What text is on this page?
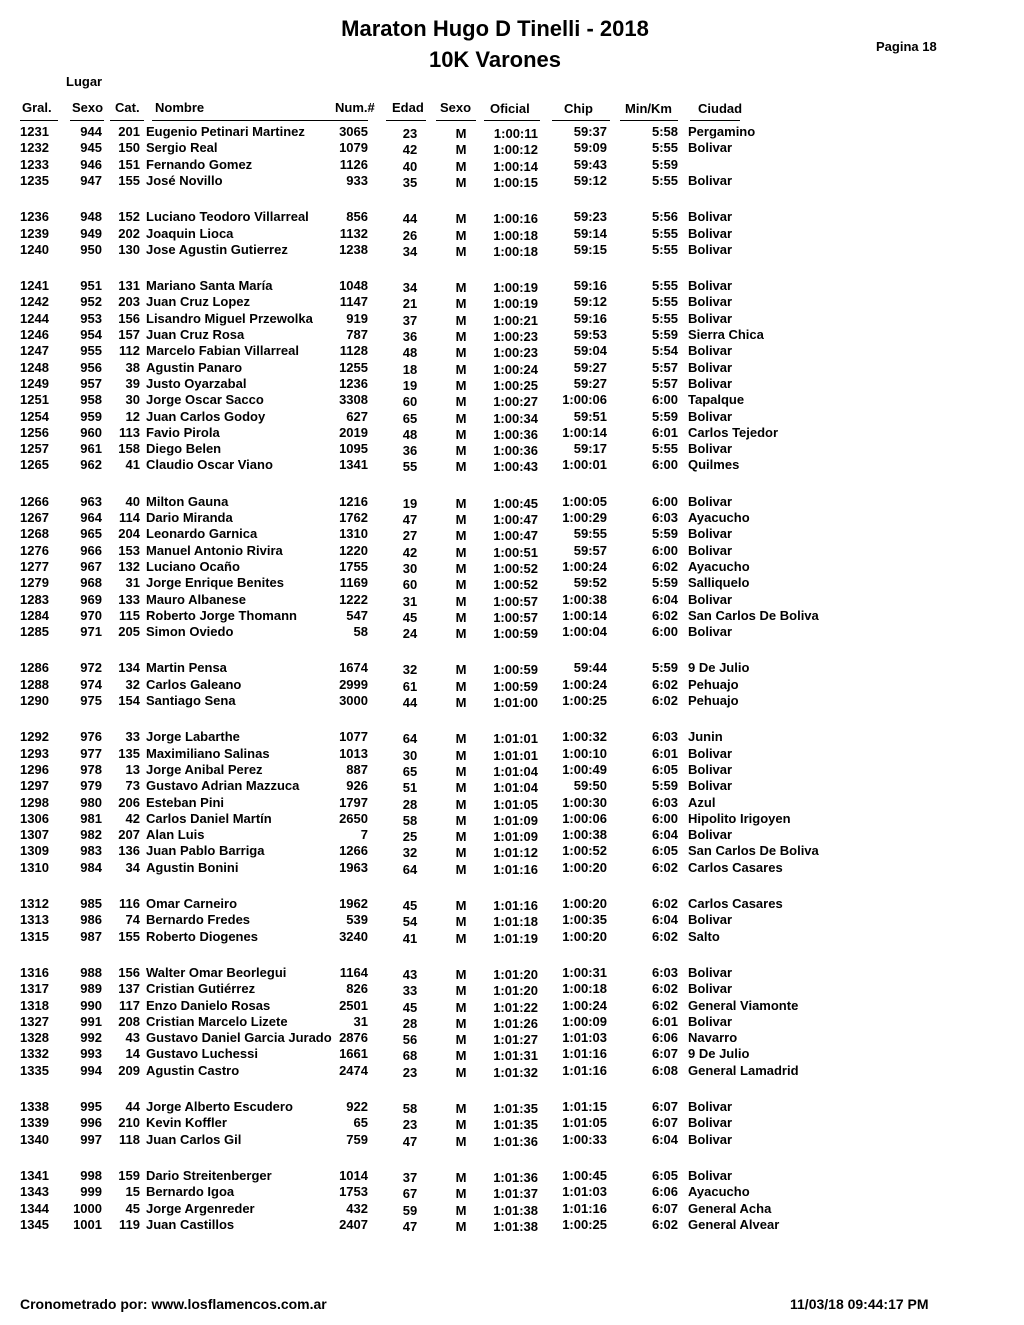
Maraton Hugo D Tinelli - 2018
10K Varones
Pagina 18
Lugar
Gral. Sexo Cat. Nombre	Num.# Edad Sexo Oficial	Chip Min/Km Ciudad
1231	944	201 Eugenio Petinari Martinez	3065	23	M	1:00:11	59:37	5:58 Pergamino
1232	945	150 Sergio Real	1079	42	M	1:00:12	59:09	5:55 Bolivar
1233	946	151 Fernando Gomez	1126	40	M	1:00:14	59:43	5:59
1235	947	155 José Novillo	933	35	M	1:00:15	59:12	5:55 Bolivar
1236	948	152 Luciano Teodoro Villarreal	856	44	M	1:00:16	59:23	5:56 Bolivar
1239	949	202 Joaquin Lioca	1132	26	M	1:00:18	59:14	5:55 Bolivar
1240	950	130 Jose Agustin Gutierrez	1238	34	M	1:00:18	59:15	5:55 Bolivar
1241	951	131 Mariano Santa María	1048	34	M	1:00:19	59:16	5:55 Bolivar
1242	952	203 Juan Cruz Lopez	1147	21	M	1:00:19	59:12	5:55 Bolivar
1244	953	156 Lisandro Miguel Przewolka	919	37	M	1:00:21	59:16	5:55 Bolivar
1246	954	157 Juan Cruz Rosa	787	36	M	1:00:23	59:53	5:59 Sierra Chica
1247	955	112 Marcelo Fabian Villarreal	1128	48	M	1:00:23	59:04	5:54 Bolivar
1248	956	38 Agustin Panaro	1255	18	M	1:00:24	59:27	5:57 Bolivar
1249	957	39 Justo Oyarzabal	1236	19	M	1:00:25	59:27	5:57 Bolivar
1251	958	30 Jorge Oscar Sacco	3308	60	M	1:00:27	1:00:06	6:00 Tapalque
1254	959	12 Juan Carlos Godoy	627	65	M	1:00:34	59:51	5:59 Bolivar
1256	960	113 Favio Pirola	2019	48	M	1:00:36	1:00:14	6:01 Carlos Tejedor
1257	961	158 Diego Belen	1095	36	M	1:00:36	59:17	5:55 Bolivar
1265	962	41 Claudio Oscar Viano	1341	55	M	1:00:43	1:00:01	6:00 Quilmes
1266	963	40 Milton Gauna	1216	19	M	1:00:45	1:00:05	6:00 Bolivar
1267	964	114 Dario Miranda	1762	47	M	1:00:47	1:00:29	6:03 Ayacucho
1268	965	204 Leonardo Garnica	1310	27	M	1:00:47	59:55	5:59 Bolivar
1276	966	153 Manuel Antonio Rivira	1220	42	M	1:00:51	59:57	6:00 Bolivar
1277	967	132 Luciano Ocaño	1755	30	M	1:00:52	1:00:24	6:02 Ayacucho
1279	968	31 Jorge Enrique Benites	1169	60	M	1:00:52	59:52	5:59 Salliquelo
1283	969	133 Mauro Albanese	1222	31	M	1:00:57	1:00:38	6:04 Bolivar
1284	970	115 Roberto Jorge Thomann	547	45	M	1:00:57	1:00:14	6:02 San Carlos De Boliva
1285	971	205 Simon Oviedo	58	24	M	1:00:59	1:00:04	6:00 Bolivar
1286	972	134 Martin Pensa	1674	32	M	1:00:59	59:44	5:59 9 De Julio
1288	974	32 Carlos Galeano	2999	61	M	1:00:59	1:00:24	6:02 Pehuajo
1290	975	154 Santiago Sena	3000	44	M	1:01:00	1:00:25	6:02 Pehuajo
1292	976	33 Jorge Labarthe	1077	64	M	1:01:01	1:00:32	6:03 Junin
1293	977	135 Maximiliano Salinas	1013	30	M	1:01:01	1:00:10	6:01 Bolivar
1296	978	13 Jorge Anibal Perez	887	65	M	1:01:04	1:00:49	6:05 Bolivar
1297	979	73 Gustavo Adrian Mazzuca	926	51	M	1:01:04	59:50	5:59 Bolivar
1298	980	206 Esteban Pini	1797	28	M	1:01:05	1:00:30	6:03 Azul
1306	981	42 Carlos Daniel Martín	2650	58	M	1:01:09	1:00:06	6:00 Hipolito Irigoyen
1307	982	207 Alan Luis	7	25	M	1:01:09	1:00:38	6:04 Bolivar
1309	983	136 Juan Pablo Barriga	1266	32	M	1:01:12	1:00:52	6:05 San Carlos De Boliva
1310	984	34 Agustin Bonini	1963	64	M	1:01:16	1:00:20	6:02 Carlos Casares
1312	985	116 Omar Carneiro	1962	45	M	1:01:16	1:00:20	6:02 Carlos Casares
1313	986	74 Bernardo Fredes	539	54	M	1:01:18	1:00:35	6:04 Bolivar
1315	987	155 Roberto Diogenes	3240	41	M	1:01:19	1:00:20	6:02 Salto
1316	988	156 Walter Omar Beorlegui	1164	43	M	1:01:20	1:00:31	6:03 Bolivar
1317	989	137 Cristian Gutiérrez	826	33	M	1:01:20	1:00:18	6:02 Bolivar
1318	990	117 Enzo Danielo Rosas	2501	45	M	1:01:22	1:00:24	6:02 General Viamonte
1327	991	208 Cristian Marcelo Lizete	31	28	M	1:01:26	1:00:09	6:01 Bolivar
1328	992	43 Gustavo Daniel Garcia Jurado 2876	56	M	1:01:27	1:01:03	6:06 Navarro
1332	993	14 Gustavo Luchessi	1661	68	M	1:01:31	1:01:16	6:07 9 De Julio
1335	994	209 Agustin Castro	2474	23	M	1:01:32	1:01:16	6:08 General Lamadrid
1338	995	44 Jorge Alberto Escudero	922	58	M	1:01:35	1:01:15	6:07 Bolivar
1339	996	210 Kevin Koffler	65	23	M	1:01:35	1:01:05	6:07 Bolivar
1340	997	118 Juan Carlos Gil	759	47	M	1:01:36	1:00:33	6:04 Bolivar
1341	998	159 Dario Streitenberger	1014	37	M	1:01:36	1:00:45	6:05 Bolivar
1343	999	15 Bernardo Igoa	1753	67	M	1:01:37	1:01:03	6:06 Ayacucho
1344	1000	45 Jorge Argenreder	432	59	M	1:01:38	1:01:16	6:07 General Acha
1345	1001	119 Juan Castillos	2407	47	M	1:01:38	1:00:25	6:02 General Alvear
Cronometrado por: www.losflamencos.com.ar	11/03/18 09:44:17 PM
